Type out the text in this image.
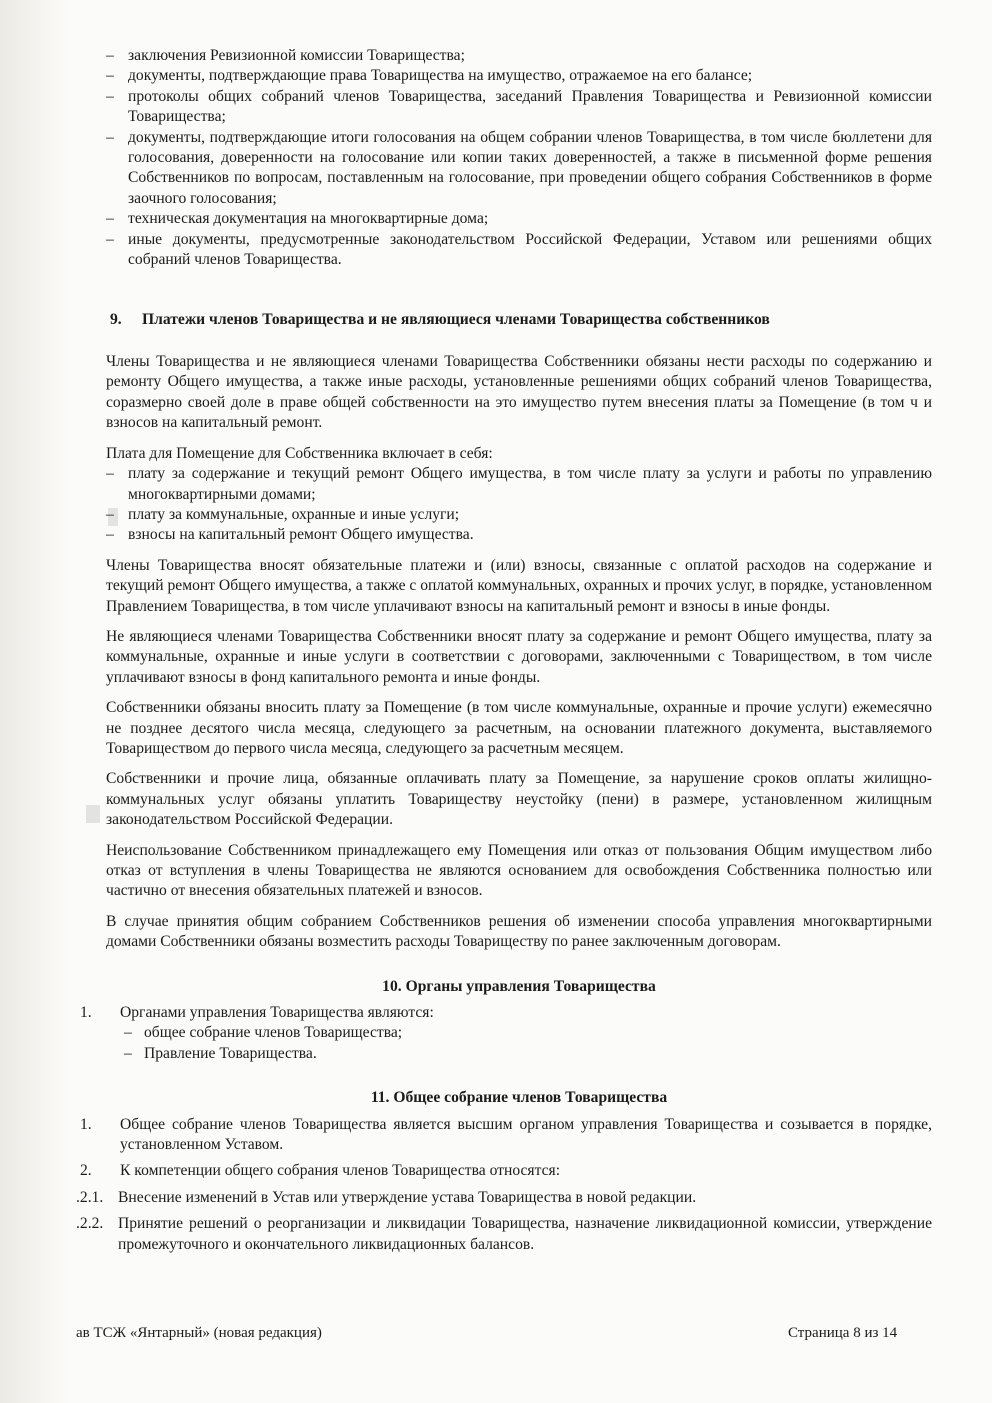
– заключения Ревизионной комиссии Товарищества;

– документы, подтверждающие права Товарищества на имущество, отражаемое на его балансе;

– протоколы общих собраний членов Товарищества, заседаний Правления Товарищества и Ревизионной комиссии Товарищества;

– документы, подтверждающие итоги голосования на общем собрании членов Товарищества, в том числе бюллетени для голосования, доверенности на голосование или копии таких доверенностей, а также в письменной форме решения Собственников по вопросам, поставленным на голосование, при проведении общего собрания Собственников в форме заочного голосования;

– техническая документация на многоквартирные дома;

– иные документы, предусмотренные законодательством Российской Федерации, Уставом или решениями общих собраний членов Товарищества.

9. Платежи членов Товарищества и не являющиеся членами Товарищества собственников

Члены Товарищества и не являющиеся членами Товарищества Собственники обязаны нести расходы по содержанию и ремонту Общего имущества, а также иные расходы, установленные решениями общих собраний членов Товарищества, соразмерно своей доле в праве общей собственности на это имущество путем внесения платы за Помещение (в том ч и взносов на капитальный ремонт.

Плата для Помещение для Собственника включает в себя:

– плату за содержание и текущий ремонт Общего имущества, в том числе плату за услуги и работы по управлению многоквартирными домами;

– плату за коммунальные, охранные и иные услуги;

– взносы на капитальный ремонт Общего имущества.

Члены Товарищества вносят обязательные платежи и (или) взносы, связанные с оплатой расходов на содержание и текущий ремонт Общего имущества, а также с оплатой коммунальных, охранных и прочих услуг, в порядке, установленном Правлением Товарищества, в том числе уплачивают взносы на капитальный ремонт и взносы в иные фонды.

Не являющиеся членами Товарищества Собственники вносят плату за содержание и ремонт Общего имущества, плату за коммунальные, охранные и иные услуги в соответствии с договорами, заключенными с Товариществом, в том числе уплачивают взносы в фонд капитального ремонта и иные фонды.

Собственники обязаны вносить плату за Помещение (в том числе коммунальные, охранные и прочие услуги) ежемесячно не позднее десятого числа месяца, следующего за расчетным, на основании платежного документа, выставляемого Товариществом до первого числа месяца, следующего за расчетным месяцем.

Собственники и прочие лица, обязанные оплачивать плату за Помещение, за нарушение сроков оплаты жилищно-коммунальных услуг обязаны уплатить Товариществу неустойку (пени) в размере, установленном жилищным законодательством Российской Федерации.

Неиспользование Собственником принадлежащего ему Помещения или отказ от пользования Общим имуществом либо отказ от вступления в члены Товарищества не являются основанием для освобождения Собственника полностью или частично от внесения обязательных платежей и взносов.

В случае принятия общим собранием Собственников решения об изменении способа управления многоквартирными домами Собственники обязаны возместить расходы Товариществу по ранее заключенным договорам.

10. Органы управления Товарищества

1. Органами управления Товарищества являются:

– общее собрание членов Товарищества;

– Правление Товарищества.

11. Общее собрание членов Товарищества

1. Общее собрание членов Товарищества является высшим органом управления Товарищества и созывается в порядке, установленном Уставом.

2. К компетенции общего собрания членов Товарищества относятся:

.2.1. Внесение изменений в Устав или утверждение устава Товарищества в новой редакции.

.2.2. Принятие решений о реорганизации и ликвидации Товарищества, назначение ликвидационной комиссии, утверждение промежуточного и окончательного ликвидационных балансов.

ав ТСЖ «Янтарный» (новая редакция)	Страница 8 из 14
